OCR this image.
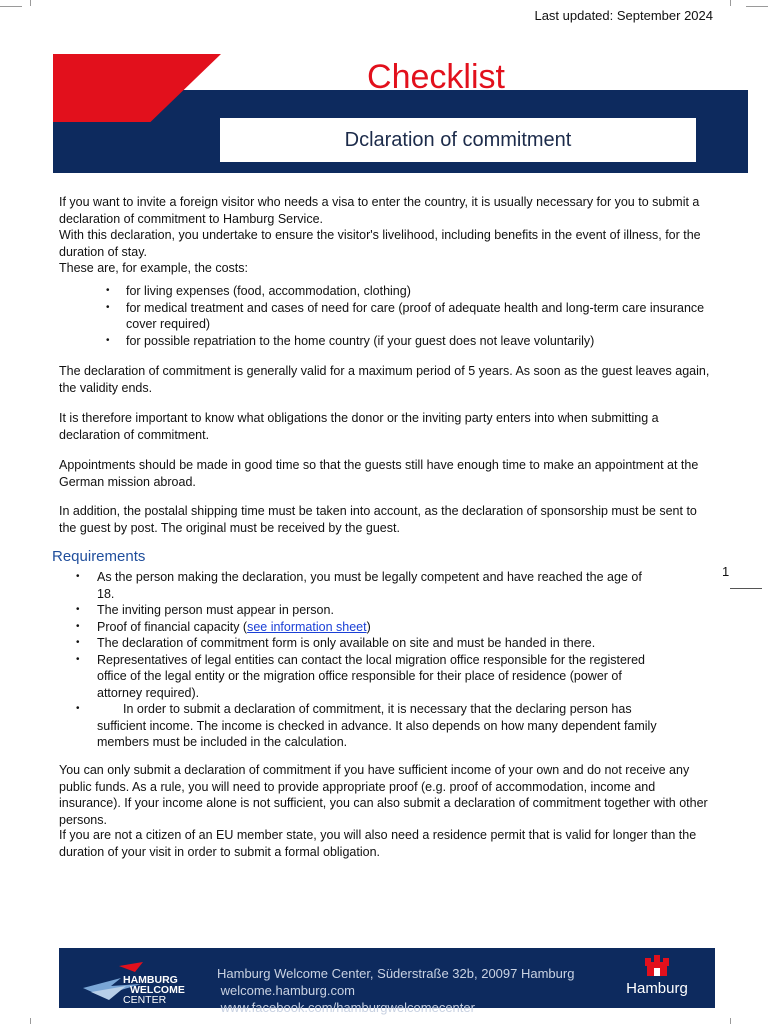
Last updated: September 2024
Checklist
Dclaration of commitment

If you want to invite a foreign visitor who needs a visa to enter the country, it is usually necessary for you to submit a declaration of commitment to Hamburg Service.

With this declaration, you undertake to ensure the visitor's livelihood, including benefits in the event of illness, for the duration of stay.

These are, for example, the costs:

• for living expenses (food, accommodation, clothing)
• for medical treatment and cases of need for care (proof of adequate health and long-term care insurance cover required)
• for possible repatriation to the home country (if your guest does not leave voluntarily)

The declaration of commitment is generally valid for a maximum period of 5 years. As soon as the guest leaves again, the validity ends.

It is therefore important to know what obligations the donor or the inviting party enters into when submitting a declaration of commitment.

Appointments should be made in good time so that the guests still have enough time to make an appointment at the German mission abroad.

In addition, the postalal shipping time must be taken into account, as the declaration of sponsorship must be sent to the guest by post. The original must be received by the guest.

Requirements
• As the person making the declaration, you must be legally competent and have reached the age of 18.
• The inviting person must appear in person.
• Proof of financial capacity (see information sheet)
• The declaration of commitment form is only available on site and must be handed in there.
• Representatives of legal entities can contact the local migration office responsible for the registered office of the legal entity or the migration office responsible for their place of residence (power of attorney required).
•	In order to submit a declaration of commitment, it is necessary that the declaring person has sufficient income. The income is checked in advance. It also depends on how many dependent family members must be included in the calculation.

You can only submit a declaration of commitment if you have sufficient income of your own and do not receive any public funds. As a rule, you will need to provide appropriate proof (e.g. proof of accommodation, income and insurance). If your income alone is not sufficient, you can also submit a declaration of commitment together with other persons.

If you are not a citizen of an EU member state, you will also need a residence permit that is valid for longer than the duration of your visit in order to submit a formal obligation.

1
HAMBURG
WELCOME
CENTER
Hamburg Welcome Center, Süderstraße 32b, 20097 Hamburg
welcome.hamburg.com
www.facebook.com/hamburgwelcomecenter
Hamburg
